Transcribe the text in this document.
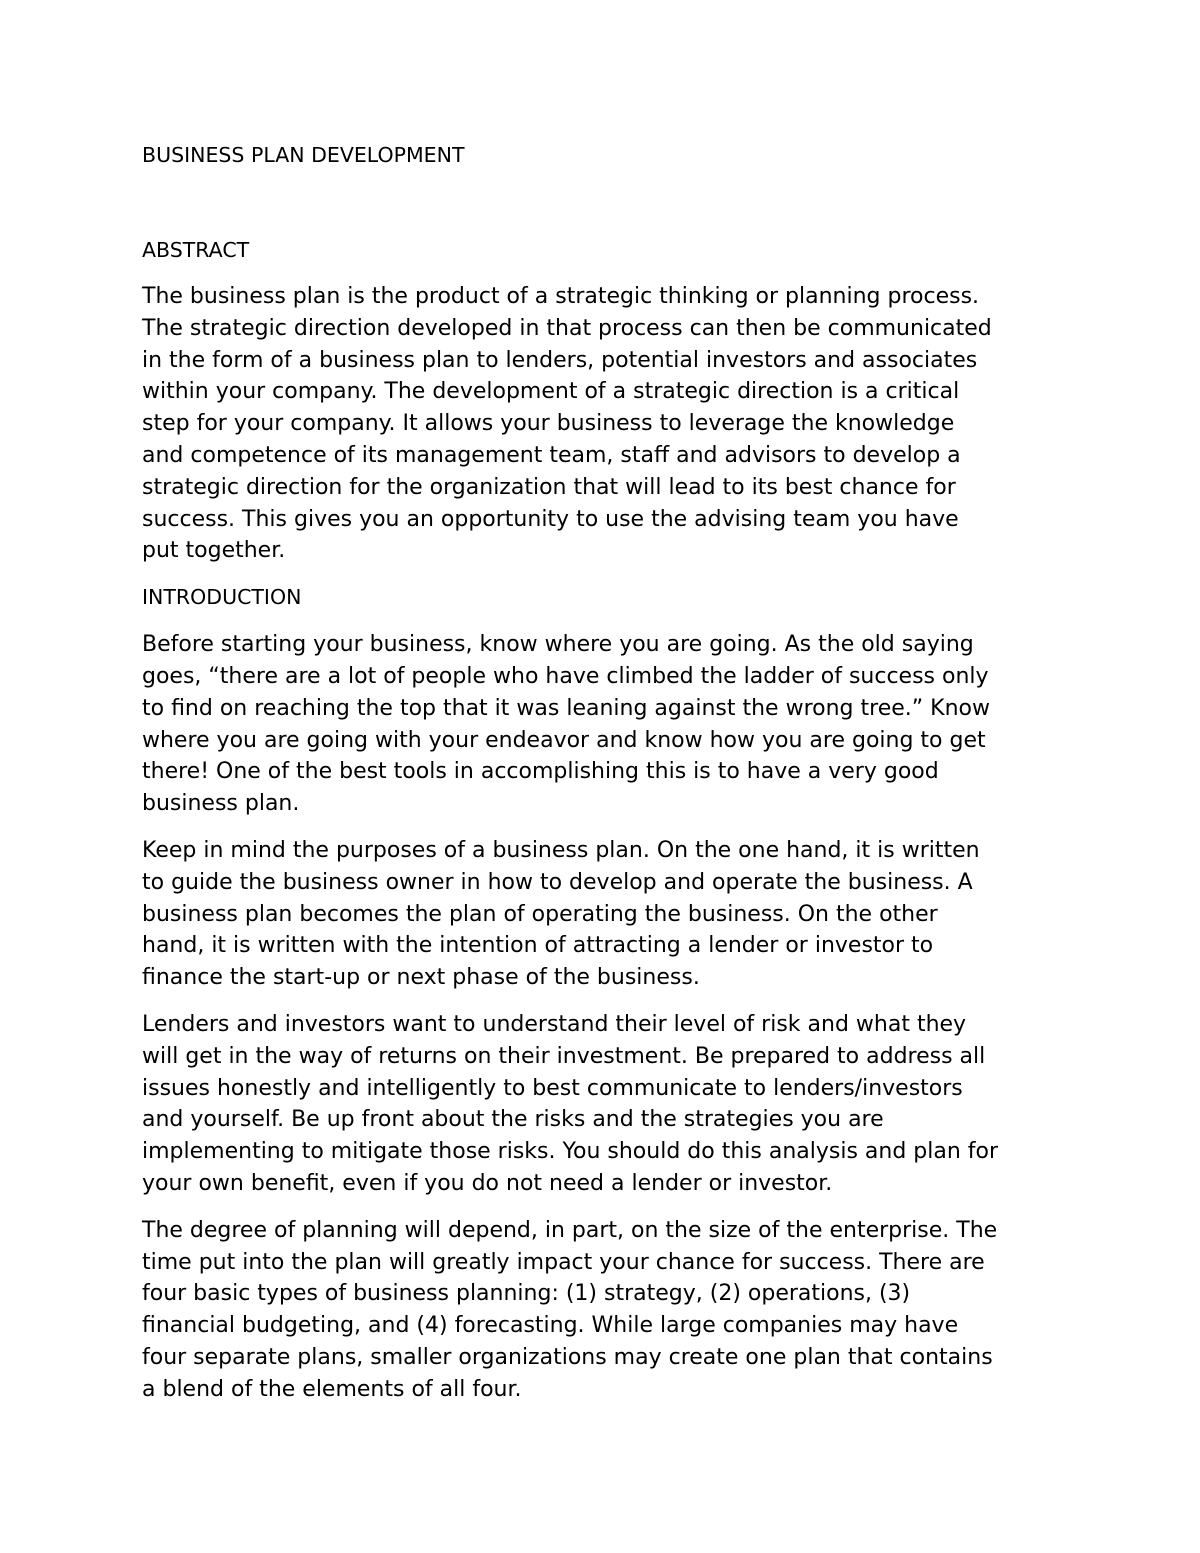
BUSINESS PLAN DEVELOPMENT

ABSTRACT

The business plan is the product of a strategic thinking or planning process.
The strategic direction developed in that process can then be communicated
in the form of a business plan to lenders, potential investors and associates
within your company. The development of a strategic direction is a critical
step for your company. It allows your business to leverage the knowledge
and competence of its management team, staff and advisors to develop a
strategic direction for the organization that will lead to its best chance for
success. This gives you an opportunity to use the advising team you have
put together.

INTRODUCTION

Before starting your business, know where you are going. As the old saying
goes, “there are a lot of people who have climbed the ladder of success only
to find on reaching the top that it was leaning against the wrong tree.” Know
where you are going with your endeavor and know how you are going to get
there! One of the best tools in accomplishing this is to have a very good
business plan.

Keep in mind the purposes of a business plan. On the one hand, it is written
to guide the business owner in how to develop and operate the business. A
business plan becomes the plan of operating the business. On the other
hand, it is written with the intention of attracting a lender or investor to
finance the start-up or next phase of the business.

Lenders and investors want to understand their level of risk and what they
will get in the way of returns on their investment. Be prepared to address all
issues honestly and intelligently to best communicate to lenders/investors
and yourself. Be up front about the risks and the strategies you are
implementing to mitigate those risks. You should do this analysis and plan for
your own benefit, even if you do not need a lender or investor.

The degree of planning will depend, in part, on the size of the enterprise. The
time put into the plan will greatly impact your chance for success. There are
four basic types of business planning: (1) strategy, (2) operations, (3)
financial budgeting, and (4) forecasting. While large companies may have
four separate plans, smaller organizations may create one plan that contains
a blend of the elements of all four.
